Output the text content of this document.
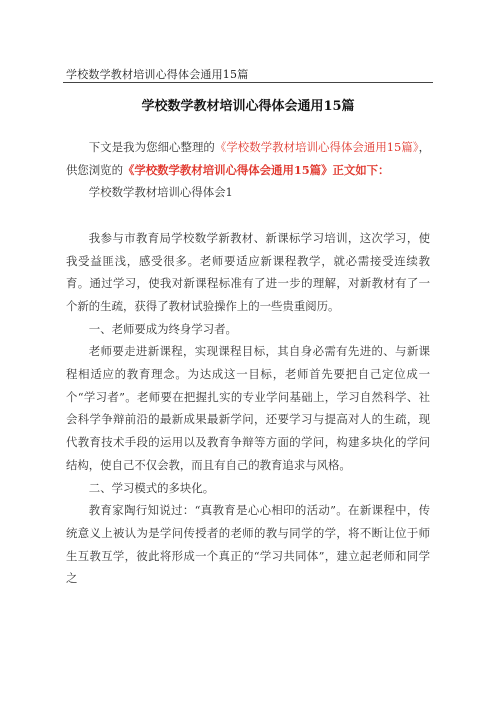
学校数学教材培训心得体会通用15篇
学校数学教材培训心得体会通用15篇

下文是我为您细心整理的《学校数学教材培训心得体会通用15篇》，供您浏览的《学校数学教材培训心得体会通用15篇》正文如下：

学校数学教材培训心得体会1

我参与市教育局学校数学新教材、新课标学习培训，这次学习，使我受益匪浅，感受很多。老师要适应新课程教学，就必需接受连续教育。通过学习，使我对新课程标准有了进一步的理解，对新教材有了一个新的生疏，获得了教材试验操作上的一些贵重阅历。

一、老师要成为终身学习者。

老师要走进新课程，实现课程目标，其自身必需有先进的、与新课程相适应的教育理念。为达成这一目标，老师首先要把自己定位成一个“学习者”。老师要在把握扎实的专业学问基础上，学习自然科学、社会科学争辩前沿的最新成果最新学问，还要学习与提高对人的生疏，现代教育技术手段的运用以及教育争辩等方面的学问，构建多块化的学问结构，使自己不仅会教，而且有自己的教育追求与风格。

二、学习模式的多块化。

教育家陶行知说过：“真教育是心心相印的活动”。在新课程中，传统意义上被认为是学问传授者的老师的教与同学的学，将不断让位于师生互教互学，彼此将形成一个真正的“学习共同体”，建立起老师和同学之
